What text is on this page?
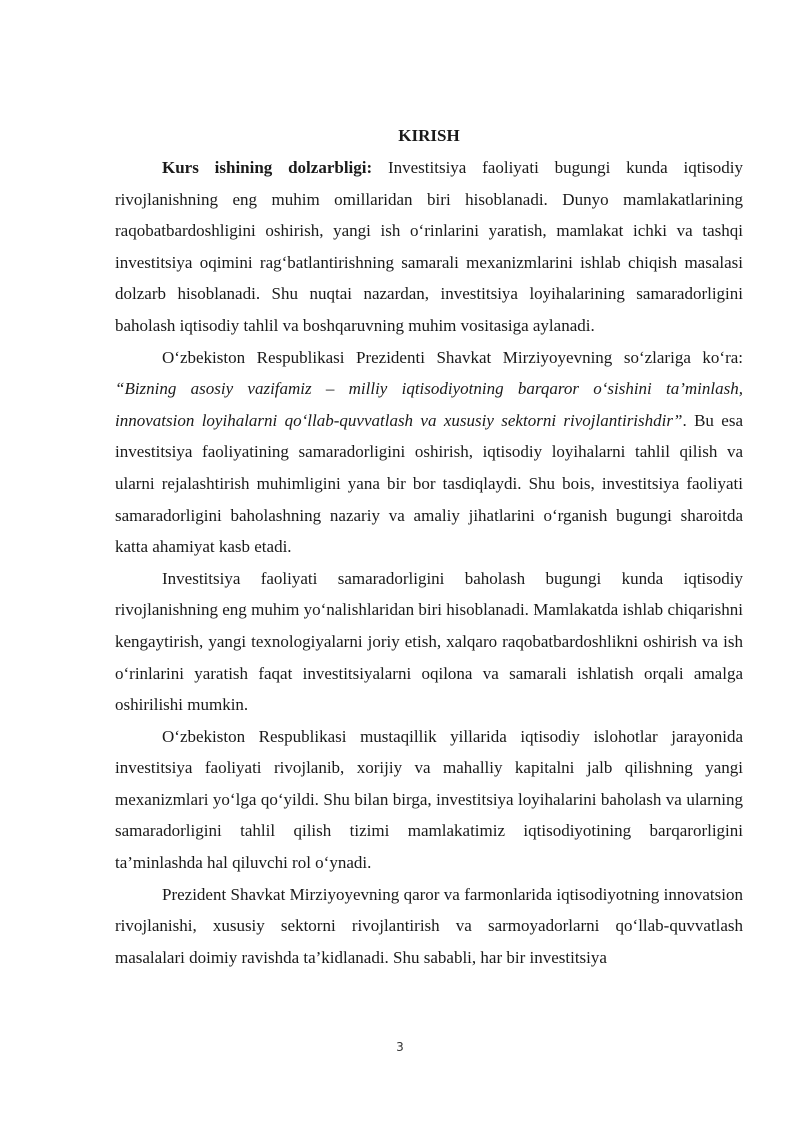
KIRISH

Kurs ishining dolzarbligi: Investitsiya faoliyati bugungi kunda iqtisodiy rivojlanishning eng muhim omillaridan biri hisoblanadi. Dunyo mamlakatlarining raqobatbardoshligini oshirish, yangi ish o‘rinlarini yaratish, mamlakat ichki va tashqi investitsiya oqimini rag‘batlantirishning samarali mexanizmlarini ishlab chiqish masalasi dolzarb hisoblanadi. Shu nuqtai nazardan, investitsiya loyihalarining samaradorligini baholash iqtisodiy tahlil va boshqaruvning muhim vositasiga aylanadi.

O‘zbekiston Respublikasi Prezidenti Shavkat Mirziyoyevning so‘zlariga ko‘ra: “Bizning asosiy vazifamiz – milliy iqtisodiyotning barqaror o‘sishini ta’minlash, innovatsion loyihalarni qo‘llab-quvvatlash va xususiy sektorni rivojlantirishdir”. Bu esa investitsiya faoliyatining samaradorligini oshirish, iqtisodiy loyihalarni tahlil qilish va ularni rejalashtirish muhimligini yana bir bor tasdiqlaydi. Shu bois, investitsiya faoliyati samaradorligini baholashning nazariy va amaliy jihatlarini o‘rganish bugungi sharoitda katta ahamiyat kasb etadi.

Investitsiya faoliyati samaradorligini baholash bugungi kunda iqtisodiy rivojlanishning eng muhim yo‘nalishlaridan biri hisoblanadi. Mamlakatda ishlab chiqarishni kengaytirish, yangi texnologiyalarni joriy etish, xalqaro raqobatbardoshlikni oshirish va ish o‘rinlarini yaratish faqat investitsiyalarni oqilona va samarali ishlatish orqali amalga oshirilishi mumkin.

O‘zbekiston Respublikasi mustaqillik yillarida iqtisodiy islohotlar jarayonida investitsiya faoliyati rivojlanib, xorijiy va mahalliy kapitalni jalb qilishning yangi mexanizmlari yo‘lga qo‘yildi. Shu bilan birga, investitsiya loyihalarini baholash va ularning samaradorligini tahlil qilish tizimi mamlakatimiz iqtisodiyotining barqarorligini ta’minlashda hal qiluvchi rol o‘ynadi.

Prezident Shavkat Mirziyoyevning qaror va farmonlarida iqtisodiyotning innovatsion rivojlanishi, xususiy sektorni rivojlantirish va sarmoyadorlarni qo‘llab-quvvatlash masalalari doimiy ravishda ta’kidlanadi. Shu sababli, har bir investitsiya

3
